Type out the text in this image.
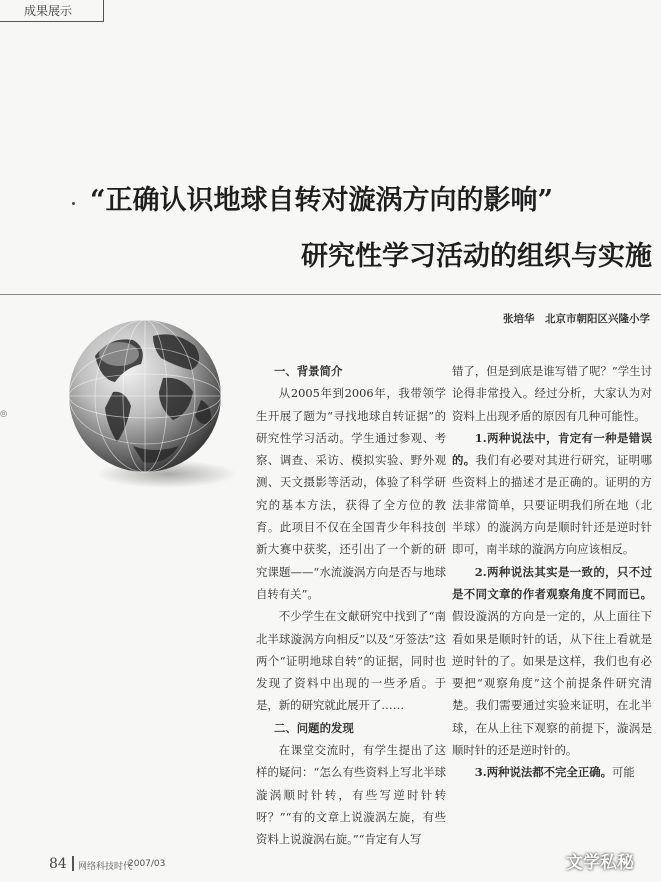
成果展示
“正确认识地球自转对漩涡方向的影响”
研究性学习活动的组织与实施
张培华　北京市朝阳区兴隆小学
⦾

一、背景简介

从2005年到2006年，我带领学生开展了题为“寻找地球自转证据”的研究性学习活动。学生通过参观、考察、调查、采访、模拟实验、野外观测、天文摄影等活动，体验了科学研究的基本方法，获得了全方位的教育。此项目不仅在全国青少年科技创新大赛中获奖，还引出了一个新的研究课题——“水流漩涡方向是否与地球自转有关”。

不少学生在文献研究中找到了“南北半球漩涡方向相反”以及“牙签法”这两个“证明地球自转”的证据，同时也发现了资料中出现的一些矛盾。于是，新的研究就此展开了……

二、问题的发现

在课堂交流时，有学生提出了这样的疑问：“怎么有些资料上写北半球漩涡顺时针转，有些写逆时针转呀？”“有的文章上说漩涡左旋，有些资料上说漩涡右旋。”“肯定有人写

错了，但是到底是谁写错了呢？”学生讨论得非常投入。经过分析，大家认为对资料上出现矛盾的原因有几种可能性。

1.两种说法中，肯定有一种是错误的。我们有必要对其进行研究，证明哪些资料上的描述才是正确的。证明的方法非常简单，只要证明我们所在地（北半球）的漩涡方向是顺时针还是逆时针即可，南半球的漩涡方向应该相反。

2.两种说法其实是一致的，只不过是不同文章的作者观察角度不同而已。假设漩涡的方向是一定的，从上面往下看如果是顺时针的话，从下往上看就是逆时针的了。如果是这样，我们也有必要把“观察角度”这个前提条件研究清楚。我们需要通过实验来证明，在北半球，在从上往下观察的前提下，漩涡是顺时针的还是逆时针的。

3.两种说法都不完全正确。可能

84 网络科技时代
2007/03	文学私秘
